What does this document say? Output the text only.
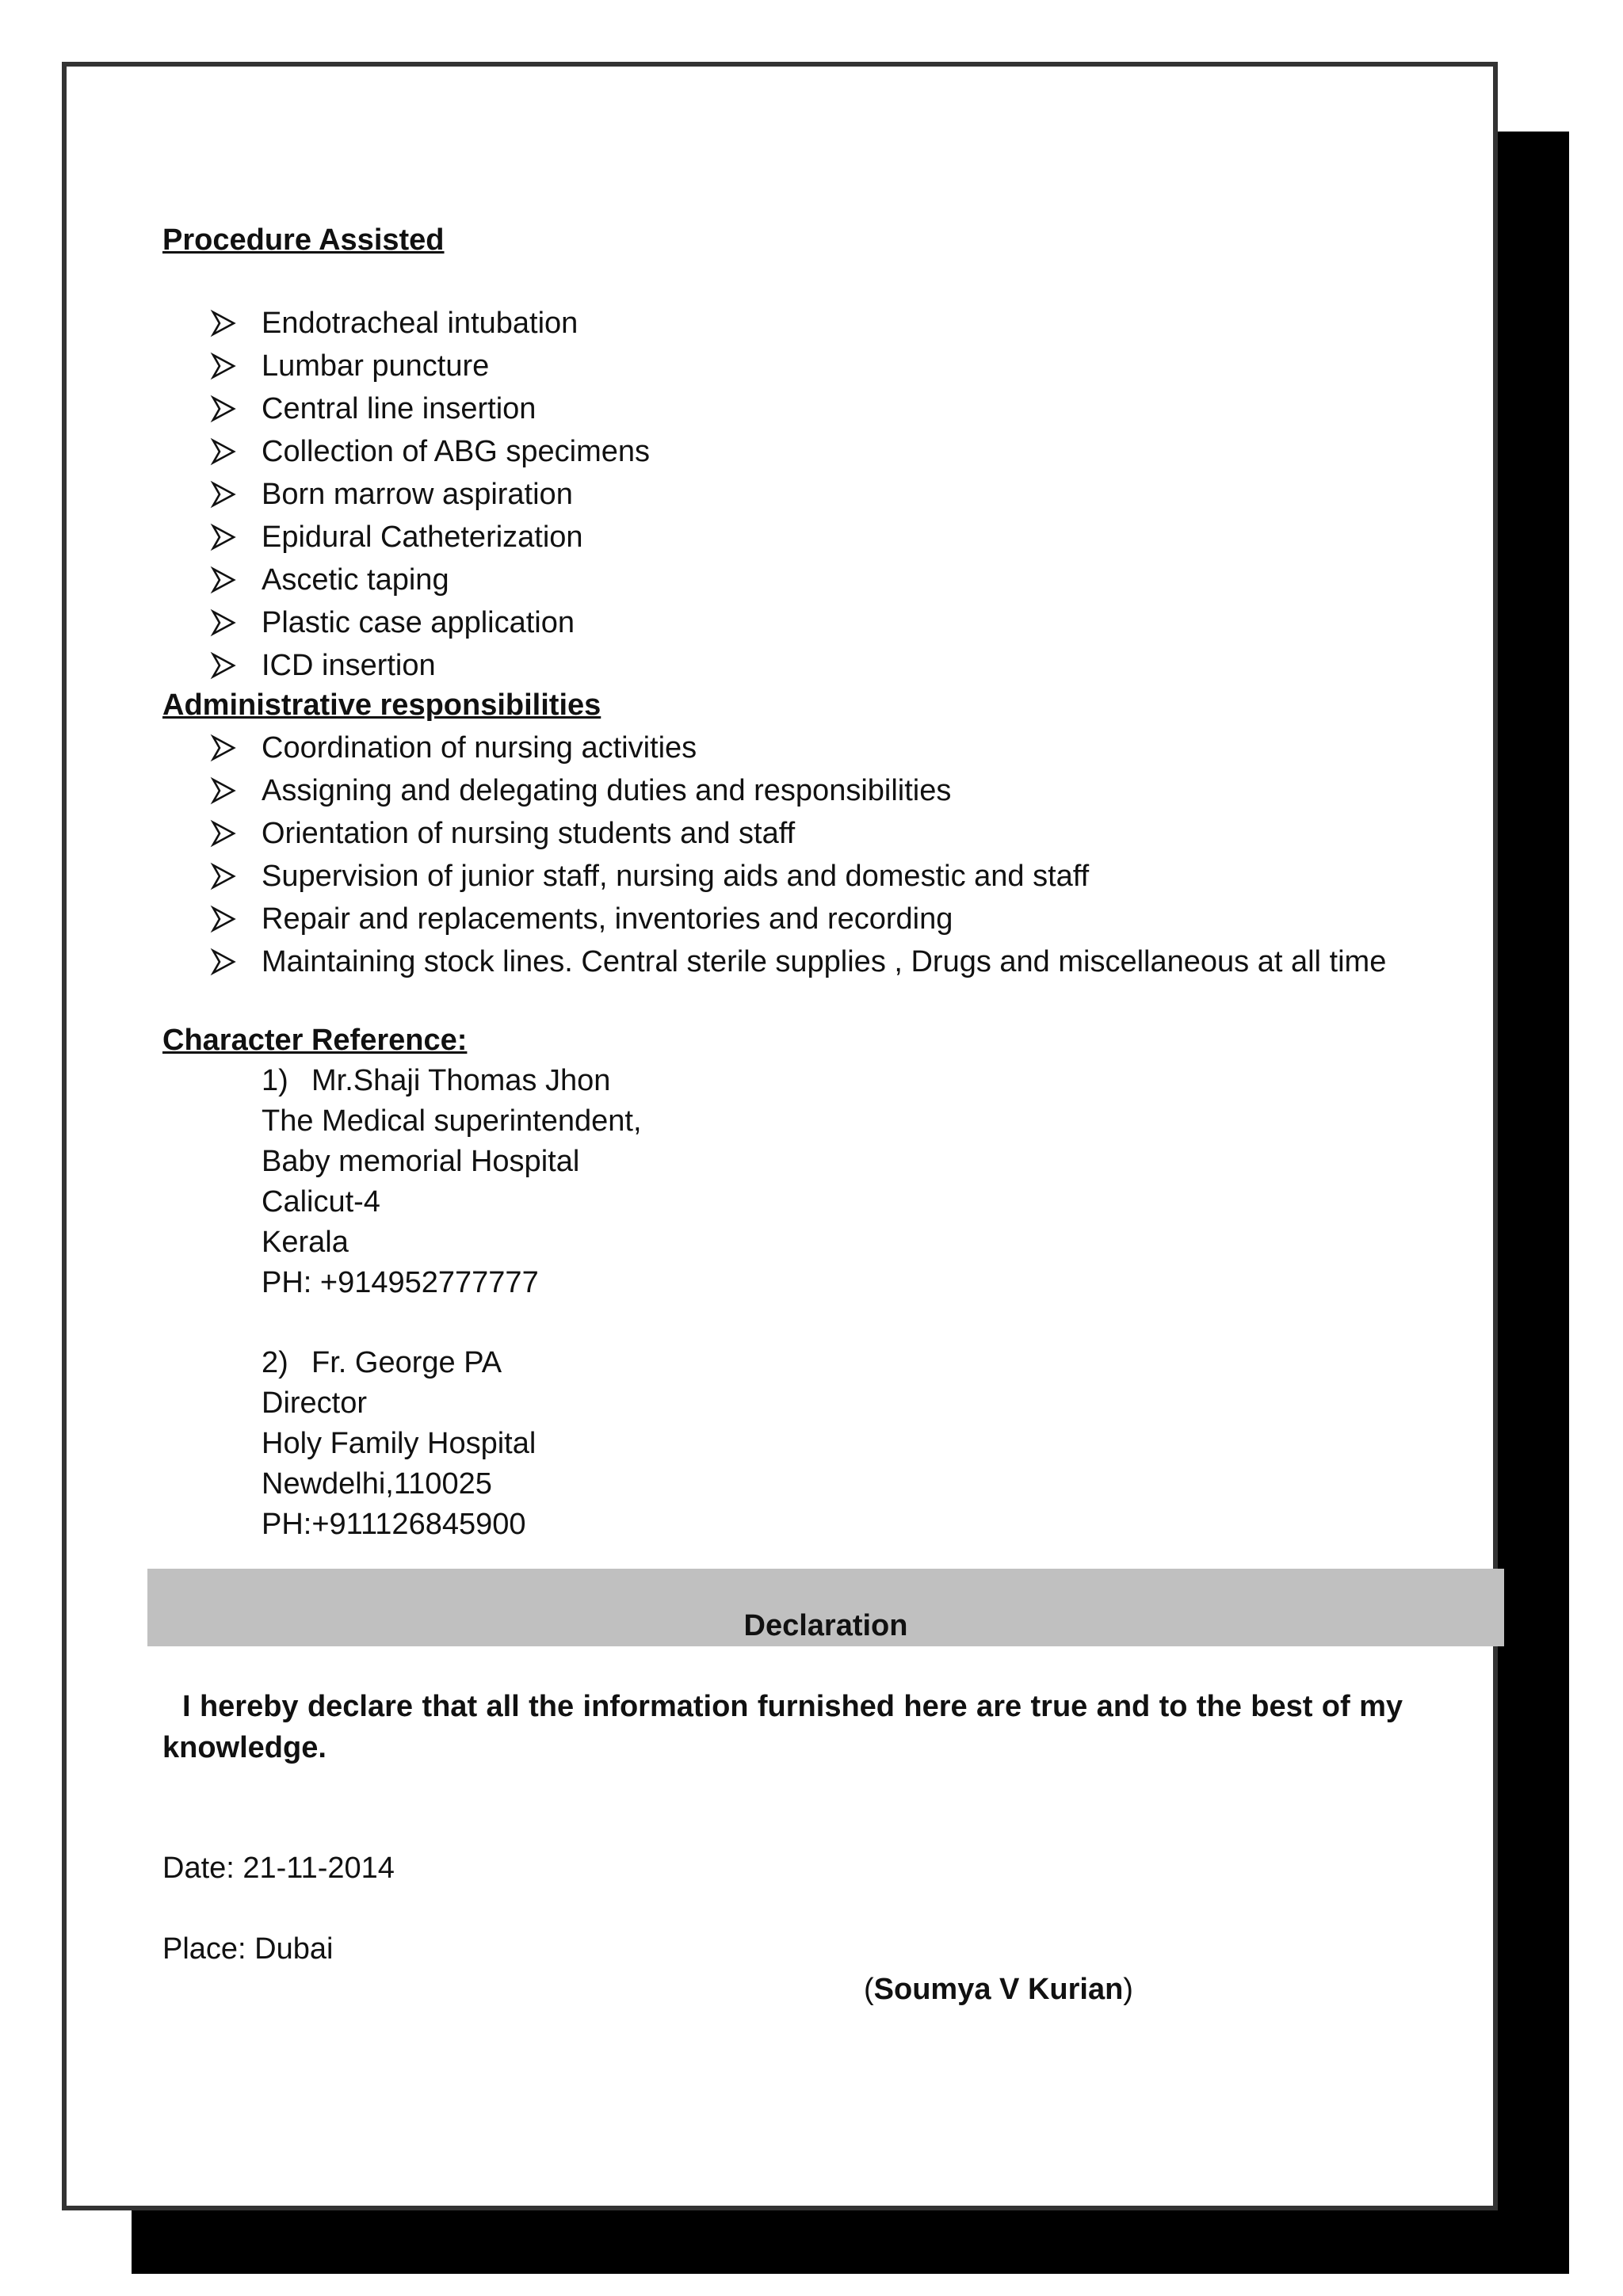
Procedure Assisted
Endotracheal intubation
Lumbar puncture
Central line insertion
Collection of ABG specimens
Born marrow aspiration
Epidural Catheterization
Ascetic taping
Plastic case application
ICD insertion
Administrative responsibilities
Coordination of nursing activities
Assigning and delegating duties and responsibilities
Orientation of nursing students and staff
Supervision of junior staff, nursing aids and domestic and staff
Repair and replacements, inventories and recording
Maintaining stock lines. Central sterile supplies , Drugs and miscellaneous at all time
Character Reference:
1) Mr.Shaji Thomas Jhon
The Medical superintendent,
Baby memorial Hospital
Calicut-4
Kerala
PH: +914952777777
2) Fr. George PA
Director
Holy Family Hospital
Newdelhi,110025
PH:+911126845900
Declaration
I hereby declare that all the information furnished here are true and to the best of my knowledge.
Date: 21-11-2014
Place: Dubai
(Soumya V Kurian)
